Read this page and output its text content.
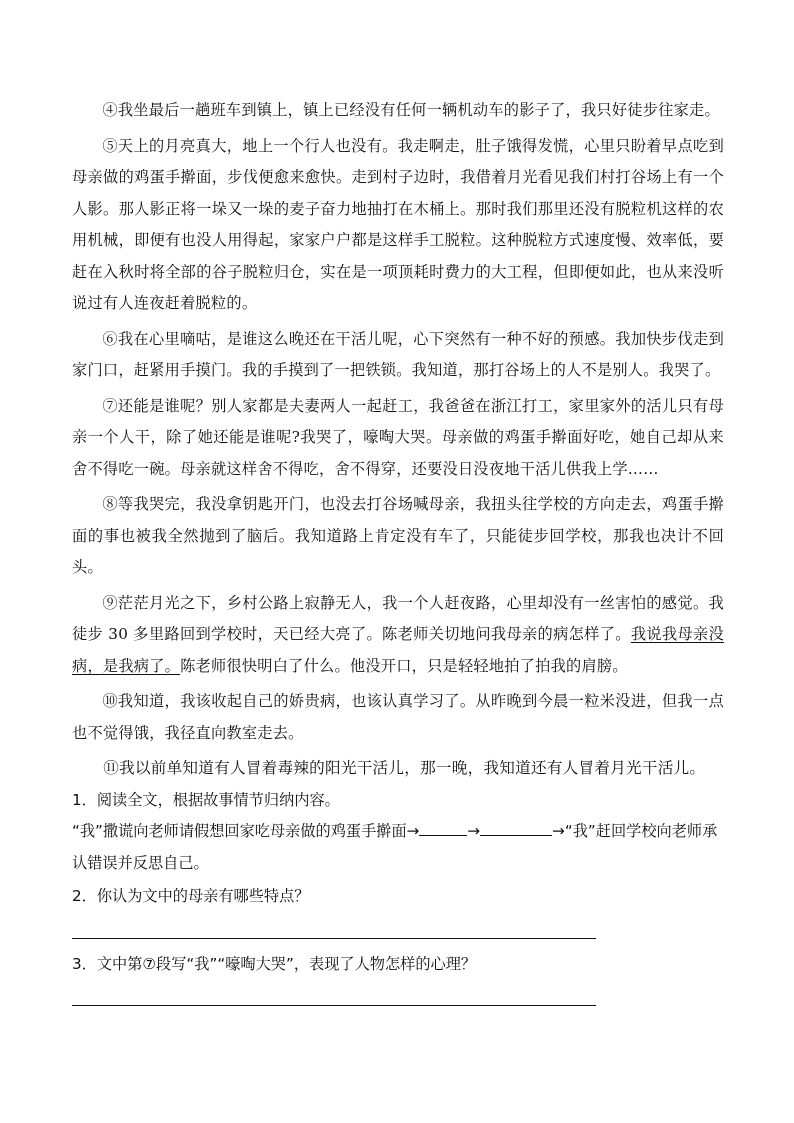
④我坐最后一趟班车到镇上，镇上已经没有任何一辆机动车的影子了，我只好徒步往家走。

⑤天上的月亮真大，地上一个行人也没有。我走啊走，肚子饿得发慌，心里只盼着早点吃到母亲做的鸡蛋手擀面，步伐便愈来愈快。走到村子边时，我借着月光看见我们村打谷场上有一个人影。那人影正将一垛又一垛的麦子奋力地抽打在木桶上。那时我们那里还没有脱粒机这样的农用机械，即便有也没人用得起，家家户户都是这样手工脱粒。这种脱粒方式速度慢、效率低，要赶在入秋时将全部的谷子脱粒归仓，实在是一项顶耗时费力的大工程，但即便如此，也从来没听说过有人连夜赶着脱粒的。

⑥我在心里嘀咕，是谁这么晚还在干活儿呢，心下突然有一种不好的预感。我加快步伐走到家门口，赶紧用手摸门。我的手摸到了一把铁锁。我知道，那打谷场上的人不是别人。我哭了。

⑦还能是谁呢？别人家都是夫妻两人一起赶工，我爸爸在浙江打工，家里家外的活儿只有母亲一个人干，除了她还能是谁呢?我哭了，嚎啕大哭。母亲做的鸡蛋手擀面好吃，她自己却从来舍不得吃一碗。母亲就这样舍不得吃，舍不得穿，还要没日没夜地干活儿供我上学……

⑧等我哭完，我没拿钥匙开门，也没去打谷场喊母亲，我扭头往学校的方向走去，鸡蛋手擀面的事也被我全然抛到了脑后。我知道路上肯定没有车了，只能徒步回学校，那我也决计不回头。

⑨茫茫月光之下，乡村公路上寂静无人，我一个人赶夜路，心里却没有一丝害怕的感觉。我徒步 30 多里路回到学校时，天已经大亮了。陈老师关切地问我母亲的病怎样了。我说我母亲没病，是我病了。陈老师很快明白了什么。他没开口，只是轻轻地拍了拍我的肩膀。

⑩我知道，我该收起自己的娇贵病，也该认真学习了。从昨晚到今晨一粒米没进，但我一点也不觉得饿，我径直向教室走去。

⑪我以前单知道有人冒着毒辣的阳光干活儿，那一晚，我知道还有人冒着月光干活儿。

1．阅读全文，根据故事情节归纳内容。

“我”撒谎向老师请假想回家吃母亲做的鸡蛋手擀面→	→	→“我”赶回学校向老师承认错误并反思自己。

2．你认为文中的母亲有哪些特点？

3．文中第⑦段写“我”“嚎啕大哭”，表现了人物怎样的心理？
